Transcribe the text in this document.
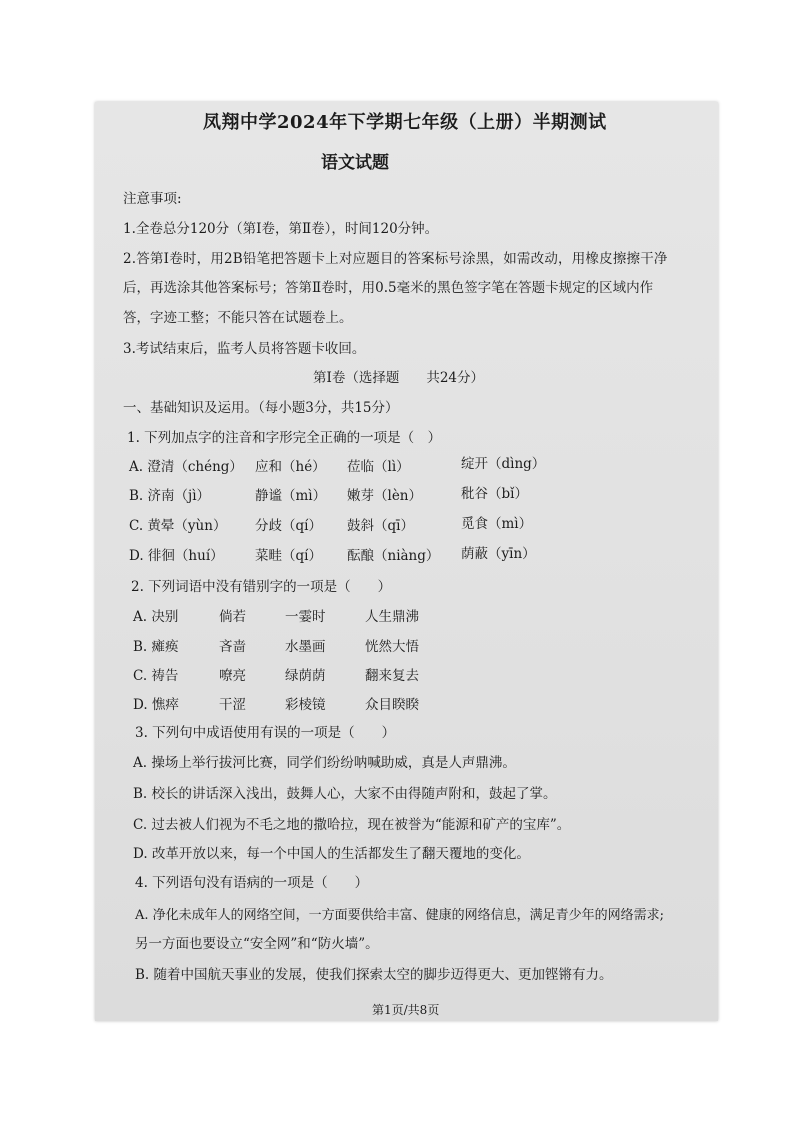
凤翔中学2024年下学期七年级（上册）半期测试
语文试题
注意事项:
1.全卷总分120分（第Ⅰ卷，第Ⅱ卷），时间120分钟。
2.答第Ⅰ卷时，用2B铅笔把答题卡上对应题目的答案标号涂黑，如需改动，用橡皮擦擦干净
后，再选涂其他答案标号；答第Ⅱ卷时，用0.5毫米的黑色签字笔在答题卡规定的区域内作
答，字迹工整；不能只答在试题卷上。
3.考试结束后，监考人员将答题卡收回。
第Ⅰ卷（选择题　　共24分）
一、基础知识及运用。（每小题3分，共15分）
1. 下列加点字的注音和字形完全正确的一项是（　）
A. 澄清（chéng） 应和（hé） 莅临（lì）	绽开（dìng）
B. 济南（jì）	静谧（mì） 嫩芽（lèn）	秕谷（bǐ）
C. 黄晕（yùn） 分歧（qí） 鼓斜（qī）	觅食（mì）
D. 徘徊（huí） 菜畦（qí） 酝酿（niàng） 荫蔽（yīn）
2. 下列词语中没有错别字的一项是（　　）
A. 决别	倘若	一霎时	人生鼎沸
B. 瘫痪	吝啬	水墨画	恍然大悟
C. 祷告	嘹亮	绿荫荫	翻来复去
D. 憔瘁	干涩	彩棱镜	众目睽睽
3. 下列句中成语使用有误的一项是（　　）
A. 操场上举行拔河比赛，同学们纷纷呐喊助威，真是人声鼎沸。
B. 校长的讲话深入浅出，鼓舞人心，大家不由得随声附和，鼓起了掌。
C. 过去被人们视为不毛之地的撒哈拉，现在被誉为“能源和矿产的宝库”。
D. 改革开放以来，每一个中国人的生活都发生了翻天覆地的变化。
4. 下列语句没有语病的一项是（　　）
A. 净化未成年人的网络空间，一方面要供给丰富、健康的网络信息，满足青少年的网络需求;
另一方面也要设立“安全网”和“防火墙”。
B. 随着中国航天事业的发展，使我们探索太空的脚步迈得更大、更加铿锵有力。
第1页/共8页
